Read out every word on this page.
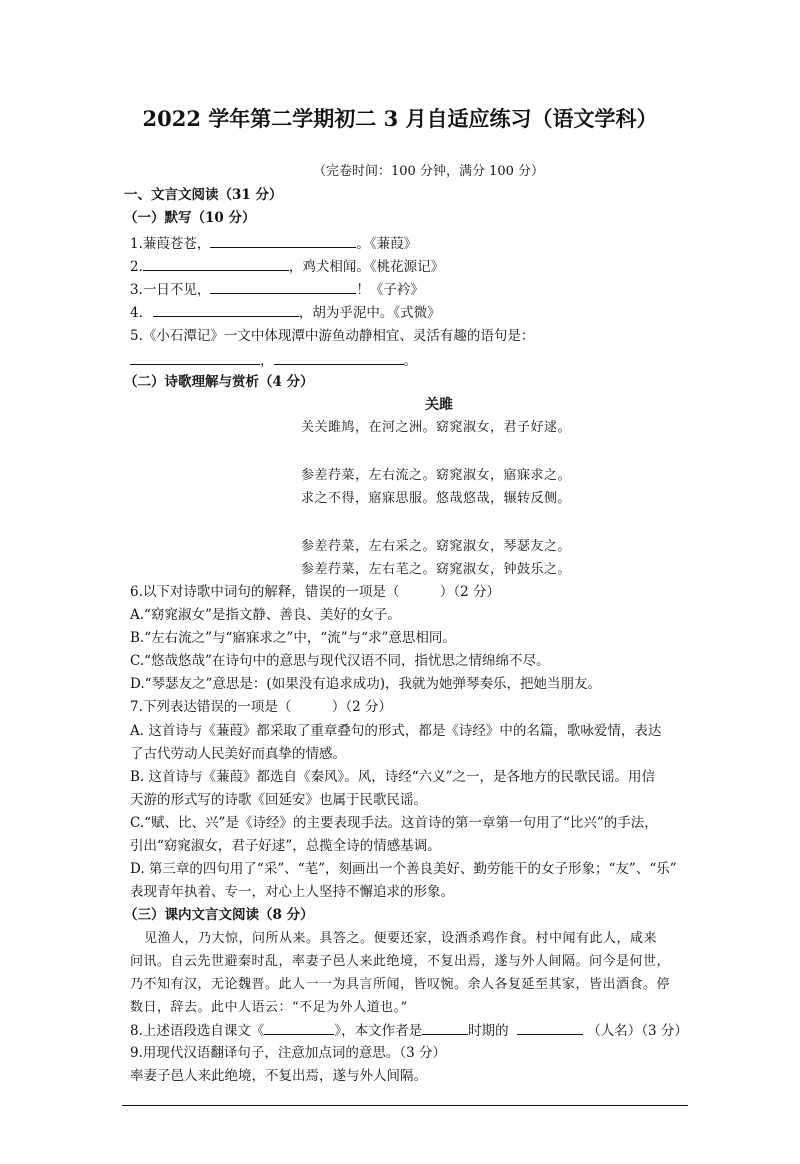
2022 学年第二学期初二 3 月自适应练习（语文学科）
（完卷时间：100 分钟，满分 100 分）
一、文言文阅读（31 分）
（一）默写（10 分）
1.蒹葭苍苍，	。《蒹葭》
2.	，鸡犬相闻。《桃花源记》
3.一日不见，	！《子衿》
4.	，胡为乎泥中。《式微》
5.《小石潭记》一文中体现潭中游鱼动静相宜、灵活有趣的语句是：
，	。
（二）诗歌理解与赏析（4 分）
关雎
关关雎鸠，在河之洲。窈窕淑女，君子好逑。
参差荇菜，左右流之。窈窕淑女，寤寐求之。
求之不得，寤寐思服。悠哉悠哉，辗转反侧。
参差荇菜，左右采之。窈窕淑女，琴瑟友之。
参差荇菜，左右芼之。窈窕淑女，钟鼓乐之。
6.以下对诗歌中词句的解释，错误的一项是（　　　）（2 分）
A.“窈窕淑女”是指文静、善良、美好的女子。
B.“左右流之”与“寤寐求之”中，“流”与“求”意思相同。
C.“悠哉悠哉”在诗句中的意思与现代汉语不同，指忧思之情绵绵不尽。
D.“琴瑟友之”意思是：(如果没有追求成功)，我就为她弹琴奏乐，把她当朋友。
7.下列表达错误的一项是（　　　）（2 分）
A. 这首诗与《蒹葭》都采取了重章叠句的形式，都是《诗经》中的名篇，歌咏爱情，表达
了古代劳动人民美好而真挚的情感。
B. 这首诗与《蒹葭》都选自《秦风》。风，诗经“六义”之一，是各地方的民歌民谣。用信
天游的形式写的诗歌《回延安》也属于民歌民谣。
C.“赋、比、兴”是《诗经》的主要表现手法。这首诗的第一章第一句用了“比兴”的手法，
引出“窈窕淑女，君子好逑”，总揽全诗的情感基调。
D. 第三章的四句用了“采”、“芼”，刻画出一个善良美好、勤劳能干的女子形象；“友”、“乐”
表现青年执着、专一，对心上人坚持不懈追求的形象。
（三）课内文言文阅读（8 分）
见渔人，乃大惊，问所从来。具答之。便要还家，设酒杀鸡作食。村中闻有此人，咸来
问讯。自云先世避秦时乱，率妻子邑人来此绝境，不复出焉，遂与外人间隔。问今是何世，
乃不知有汉，无论魏晋。此人一一为具言所闻，皆叹惋。余人各复延至其家，皆出酒食。停
数日，辞去。此中人语云：“不足为外人道也。”
8.上述语段选自课文《	》，本文作者是	时期的	（人名）（3 分）
9.用现代汉语翻译句子，注意加点词的意思。（3 分）
率妻子邑人来此绝境，不复出焉，遂与外人间隔。
